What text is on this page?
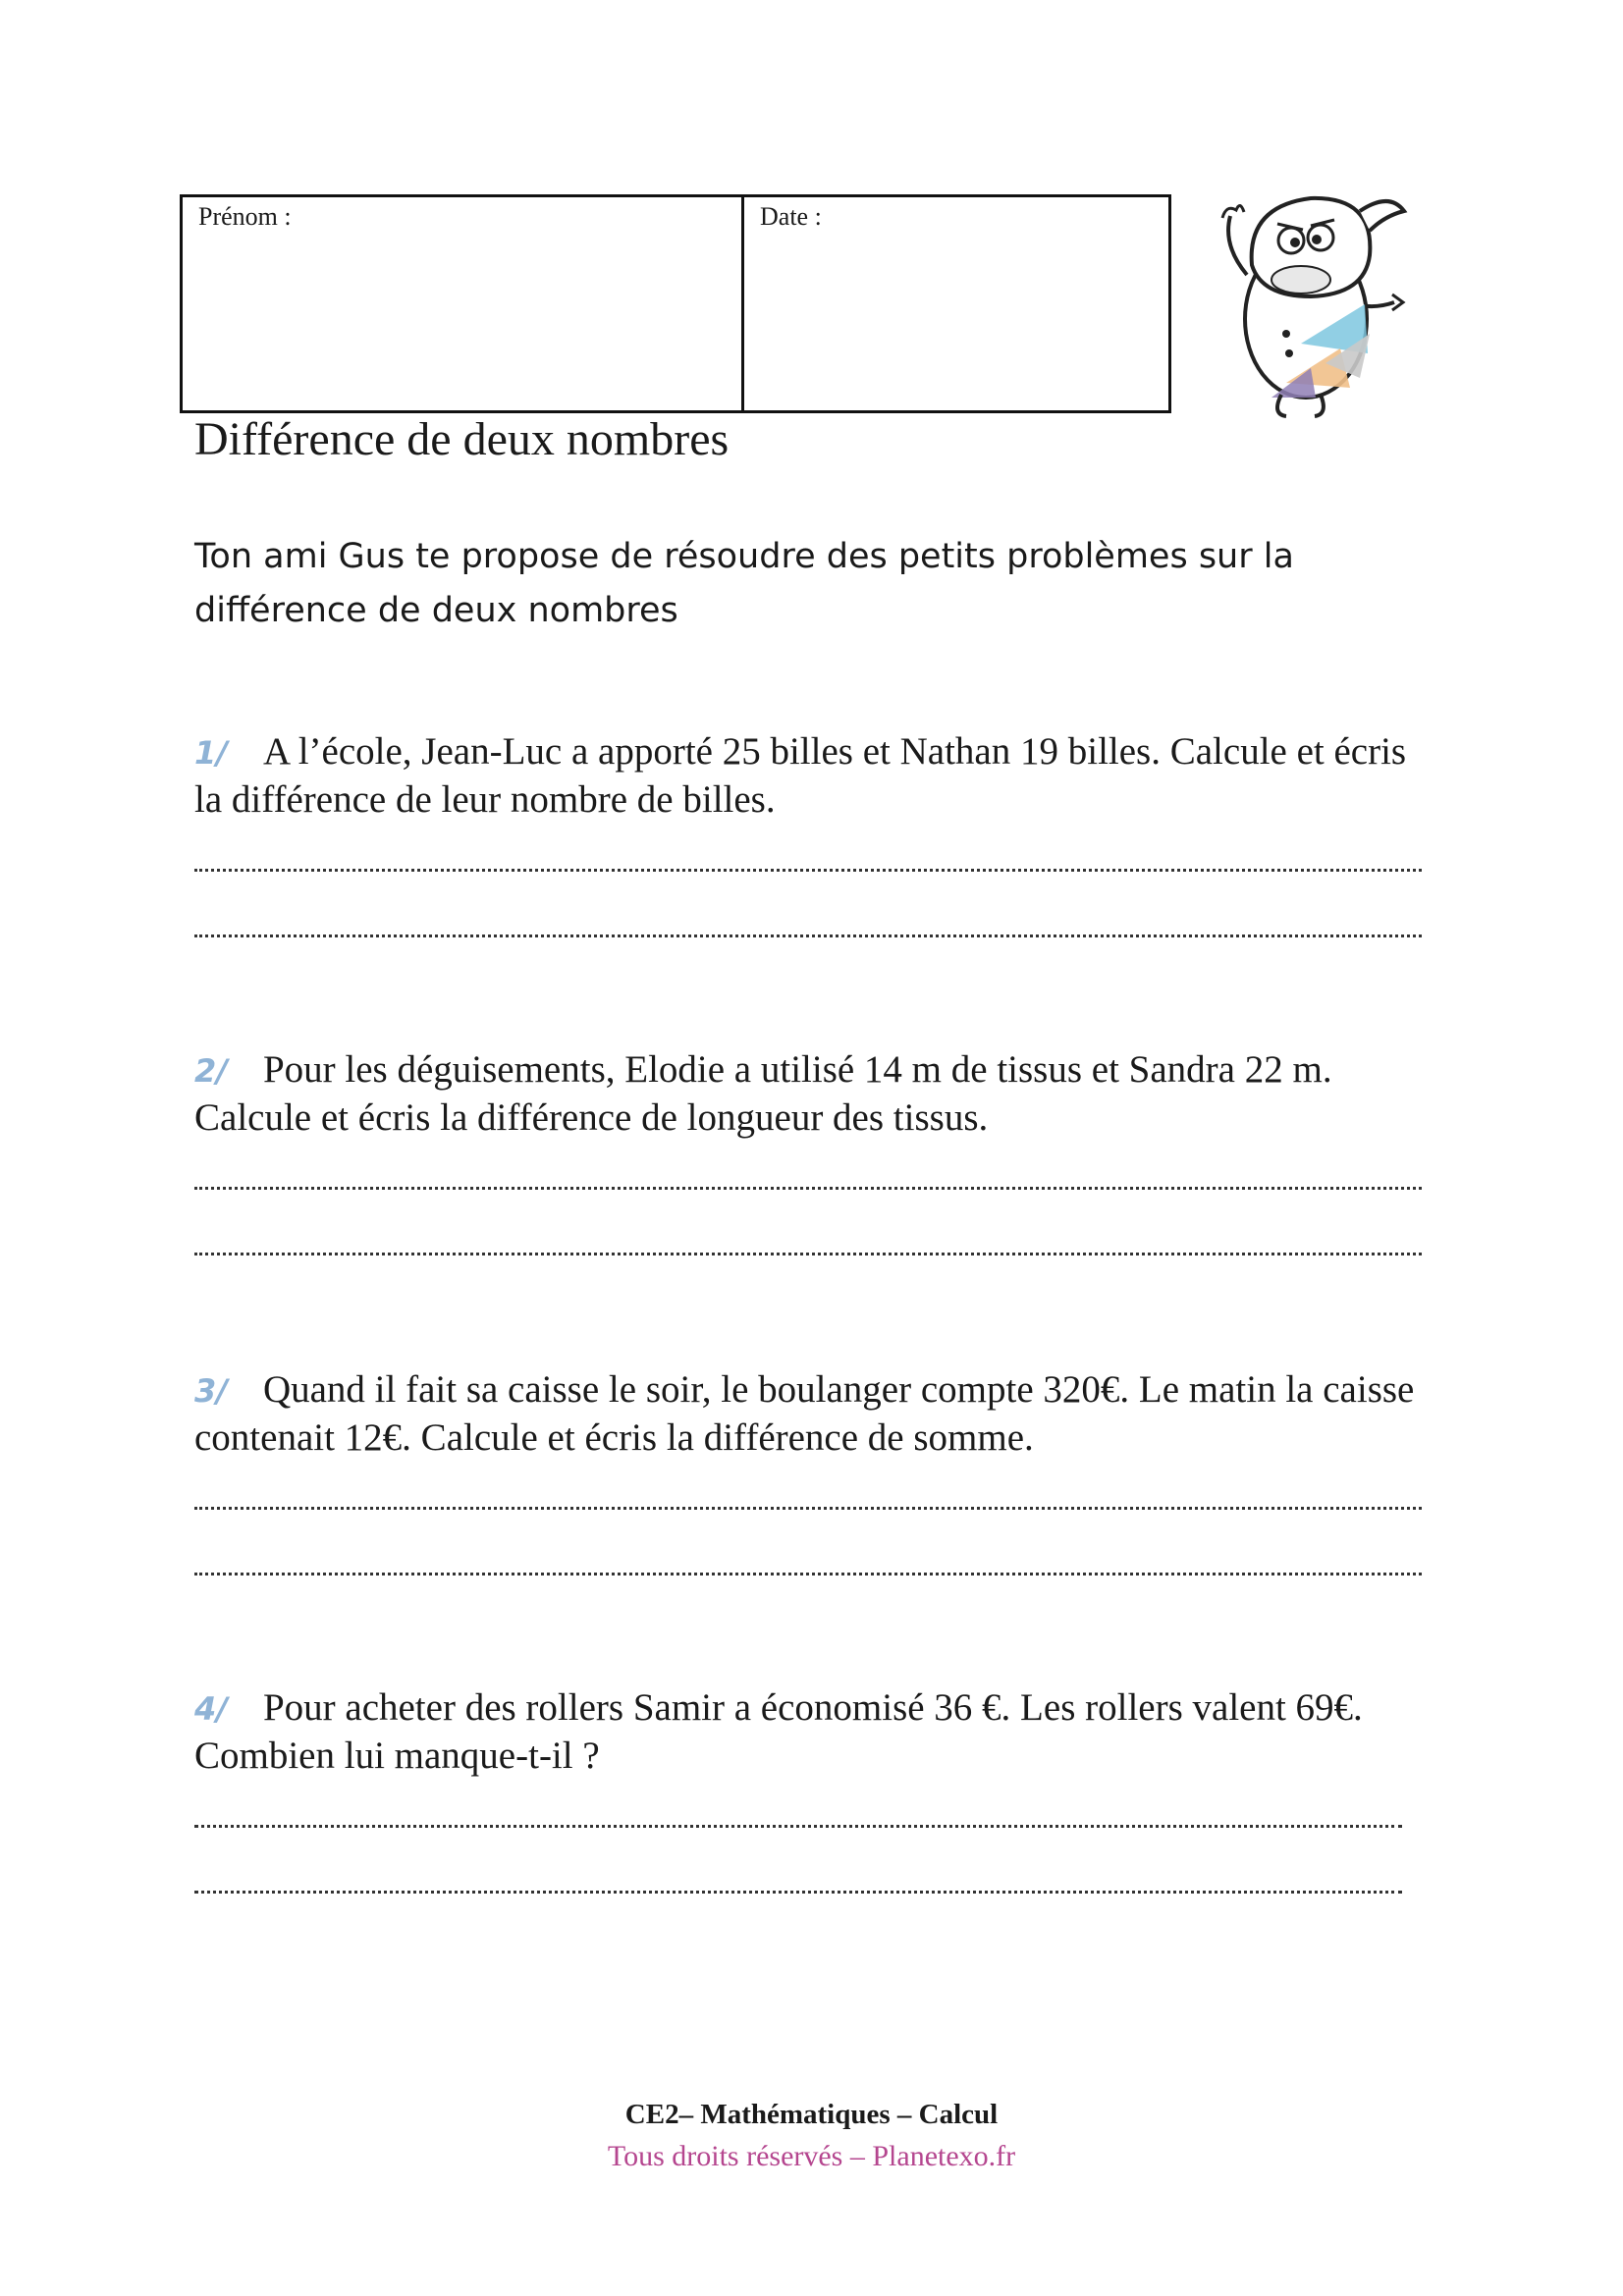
Prénom :	Date :
Différence de deux nombres

Ton ami Gus te propose de résoudre des petits problèmes sur la différence de deux nombres

1/ A l’école, Jean-Luc a apporté 25 billes et Nathan 19 billes. Calcule et écris la différence de leur nombre de billes.

2/ Pour les déguisements, Elodie a utilisé 14 m de tissus et Sandra 22 m. Calcule et écris la différence de longueur des tissus.

3/ Quand il fait sa caisse le soir, le boulanger compte 320€. Le matin la caisse contenait 12€. Calcule et écris la différence de somme.

4/ Pour acheter des rollers Samir a économisé 36 €. Les rollers valent 69€. Combien lui manque-t-il ?

CE2– Mathématiques – Calcul
Tous droits réservés – Planetexo.fr
